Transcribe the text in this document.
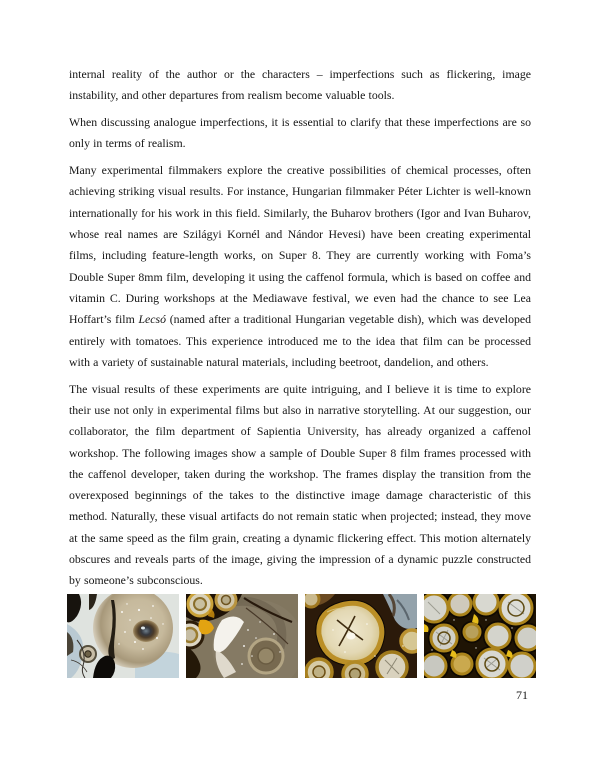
internal reality of the author or the characters – imperfections such as flickering, image instability, and other departures from realism become valuable tools.

When discussing analogue imperfections, it is essential to clarify that these imperfections are so only in terms of realism.

Many experimental filmmakers explore the creative possibilities of chemical processes, often achieving striking visual results. For instance, Hungarian filmmaker Péter Lichter is well-known internationally for his work in this field. Similarly, the Buharov brothers (Igor and Ivan Buharov, whose real names are Szilágyi Kornél and Nándor Hevesi) have been creating experimental films, including feature-length works, on Super 8. They are currently working with Foma’s Double Super 8mm film, developing it using the caffenol formula, which is based on coffee and vitamin C. During workshops at the Mediawave festival, we even had the chance to see Lea Hoffart’s film Lecsó (named after a traditional Hungarian vegetable dish), which was developed entirely with tomatoes. This experience introduced me to the idea that film can be processed with a variety of sustainable natural materials, including beetroot, dandelion, and others.

The visual results of these experiments are quite intriguing, and I believe it is time to explore their use not only in experimental films but also in narrative storytelling. At our suggestion, our collaborator, the film department of Sapientia University, has already organized a caffenol workshop. The following images show a sample of Double Super 8 film frames processed with the caffenol developer, taken during the workshop. The frames display the transition from the overexposed beginnings of the takes to the distinctive image damage characteristic of this method. Naturally, these visual artifacts do not remain static when projected; instead, they move at the same speed as the film grain, creating a dynamic flickering effect. This motion alternately obscures and reveals parts of the image, giving the impression of a dynamic puzzle constructed by someone’s subconscious.

71
